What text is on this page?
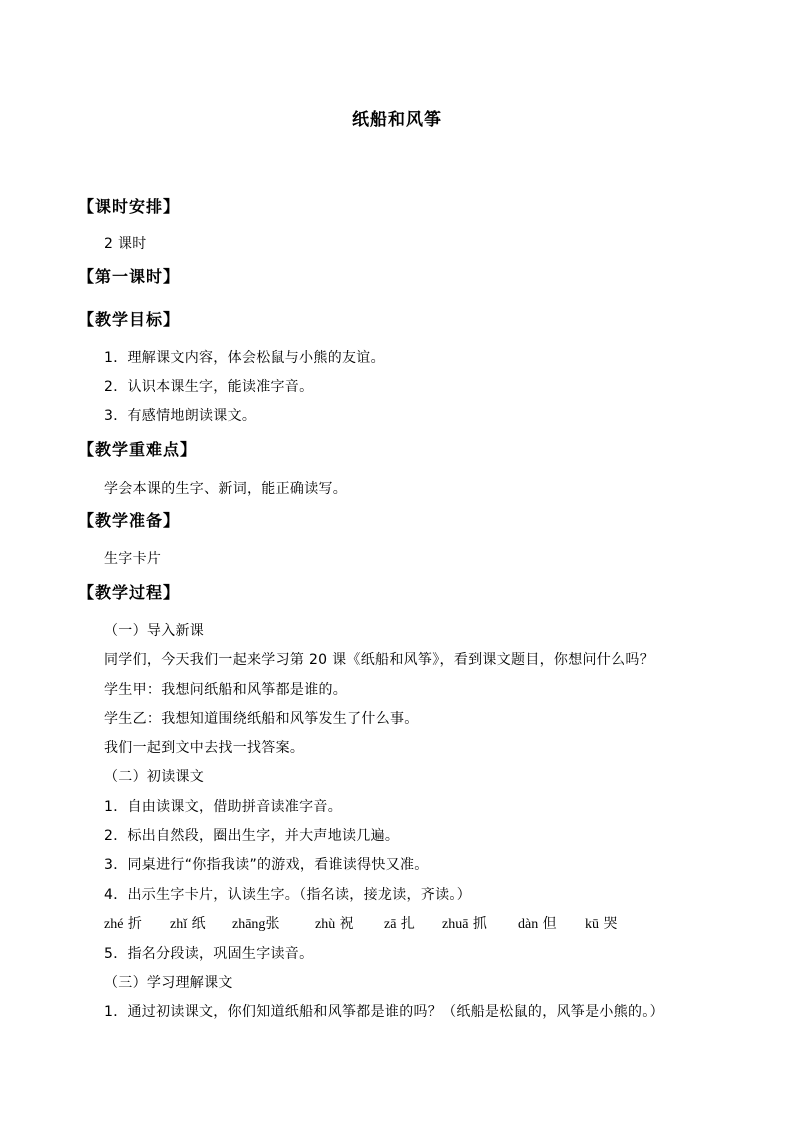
纸船和风筝
【课时安排】
2 课时
【第一课时】
【教学目标】
1．理解课文内容，体会松鼠与小熊的友谊。
2．认识本课生字，能读准字音。
3．有感情地朗读课文。
【教学重难点】
学会本课的生字、新词，能正确读写。
【教学准备】
生字卡片
【教学过程】
（一）导入新课
同学们，今天我们一起来学习第 20 课《纸船和风筝》，看到课文题目，你想问什么吗？
学生甲：我想问纸船和风筝都是谁的。
学生乙：我想知道围绕纸船和风筝发生了什么事。
我们一起到文中去找一找答案。
（二）初读课文
1．自由读课文，借助拼音读准字音。
2．标出自然段，圈出生字，并大声地读几遍。
3．同桌进行“你指我读”的游戏，看谁读得快又准。
4．出示生字卡片，认读生字。（指名读，接龙读，齐读。）
zhé 折 zhǐ 纸 zhāng张	zhù 祝 zā 扎 zhuā 抓 dàn 但 kū 哭
5．指名分段读，巩固生字读音。
（三）学习理解课文
1．通过初读课文，你们知道纸船和风筝都是谁的吗？（纸船是松鼠的，风筝是小熊的。）
